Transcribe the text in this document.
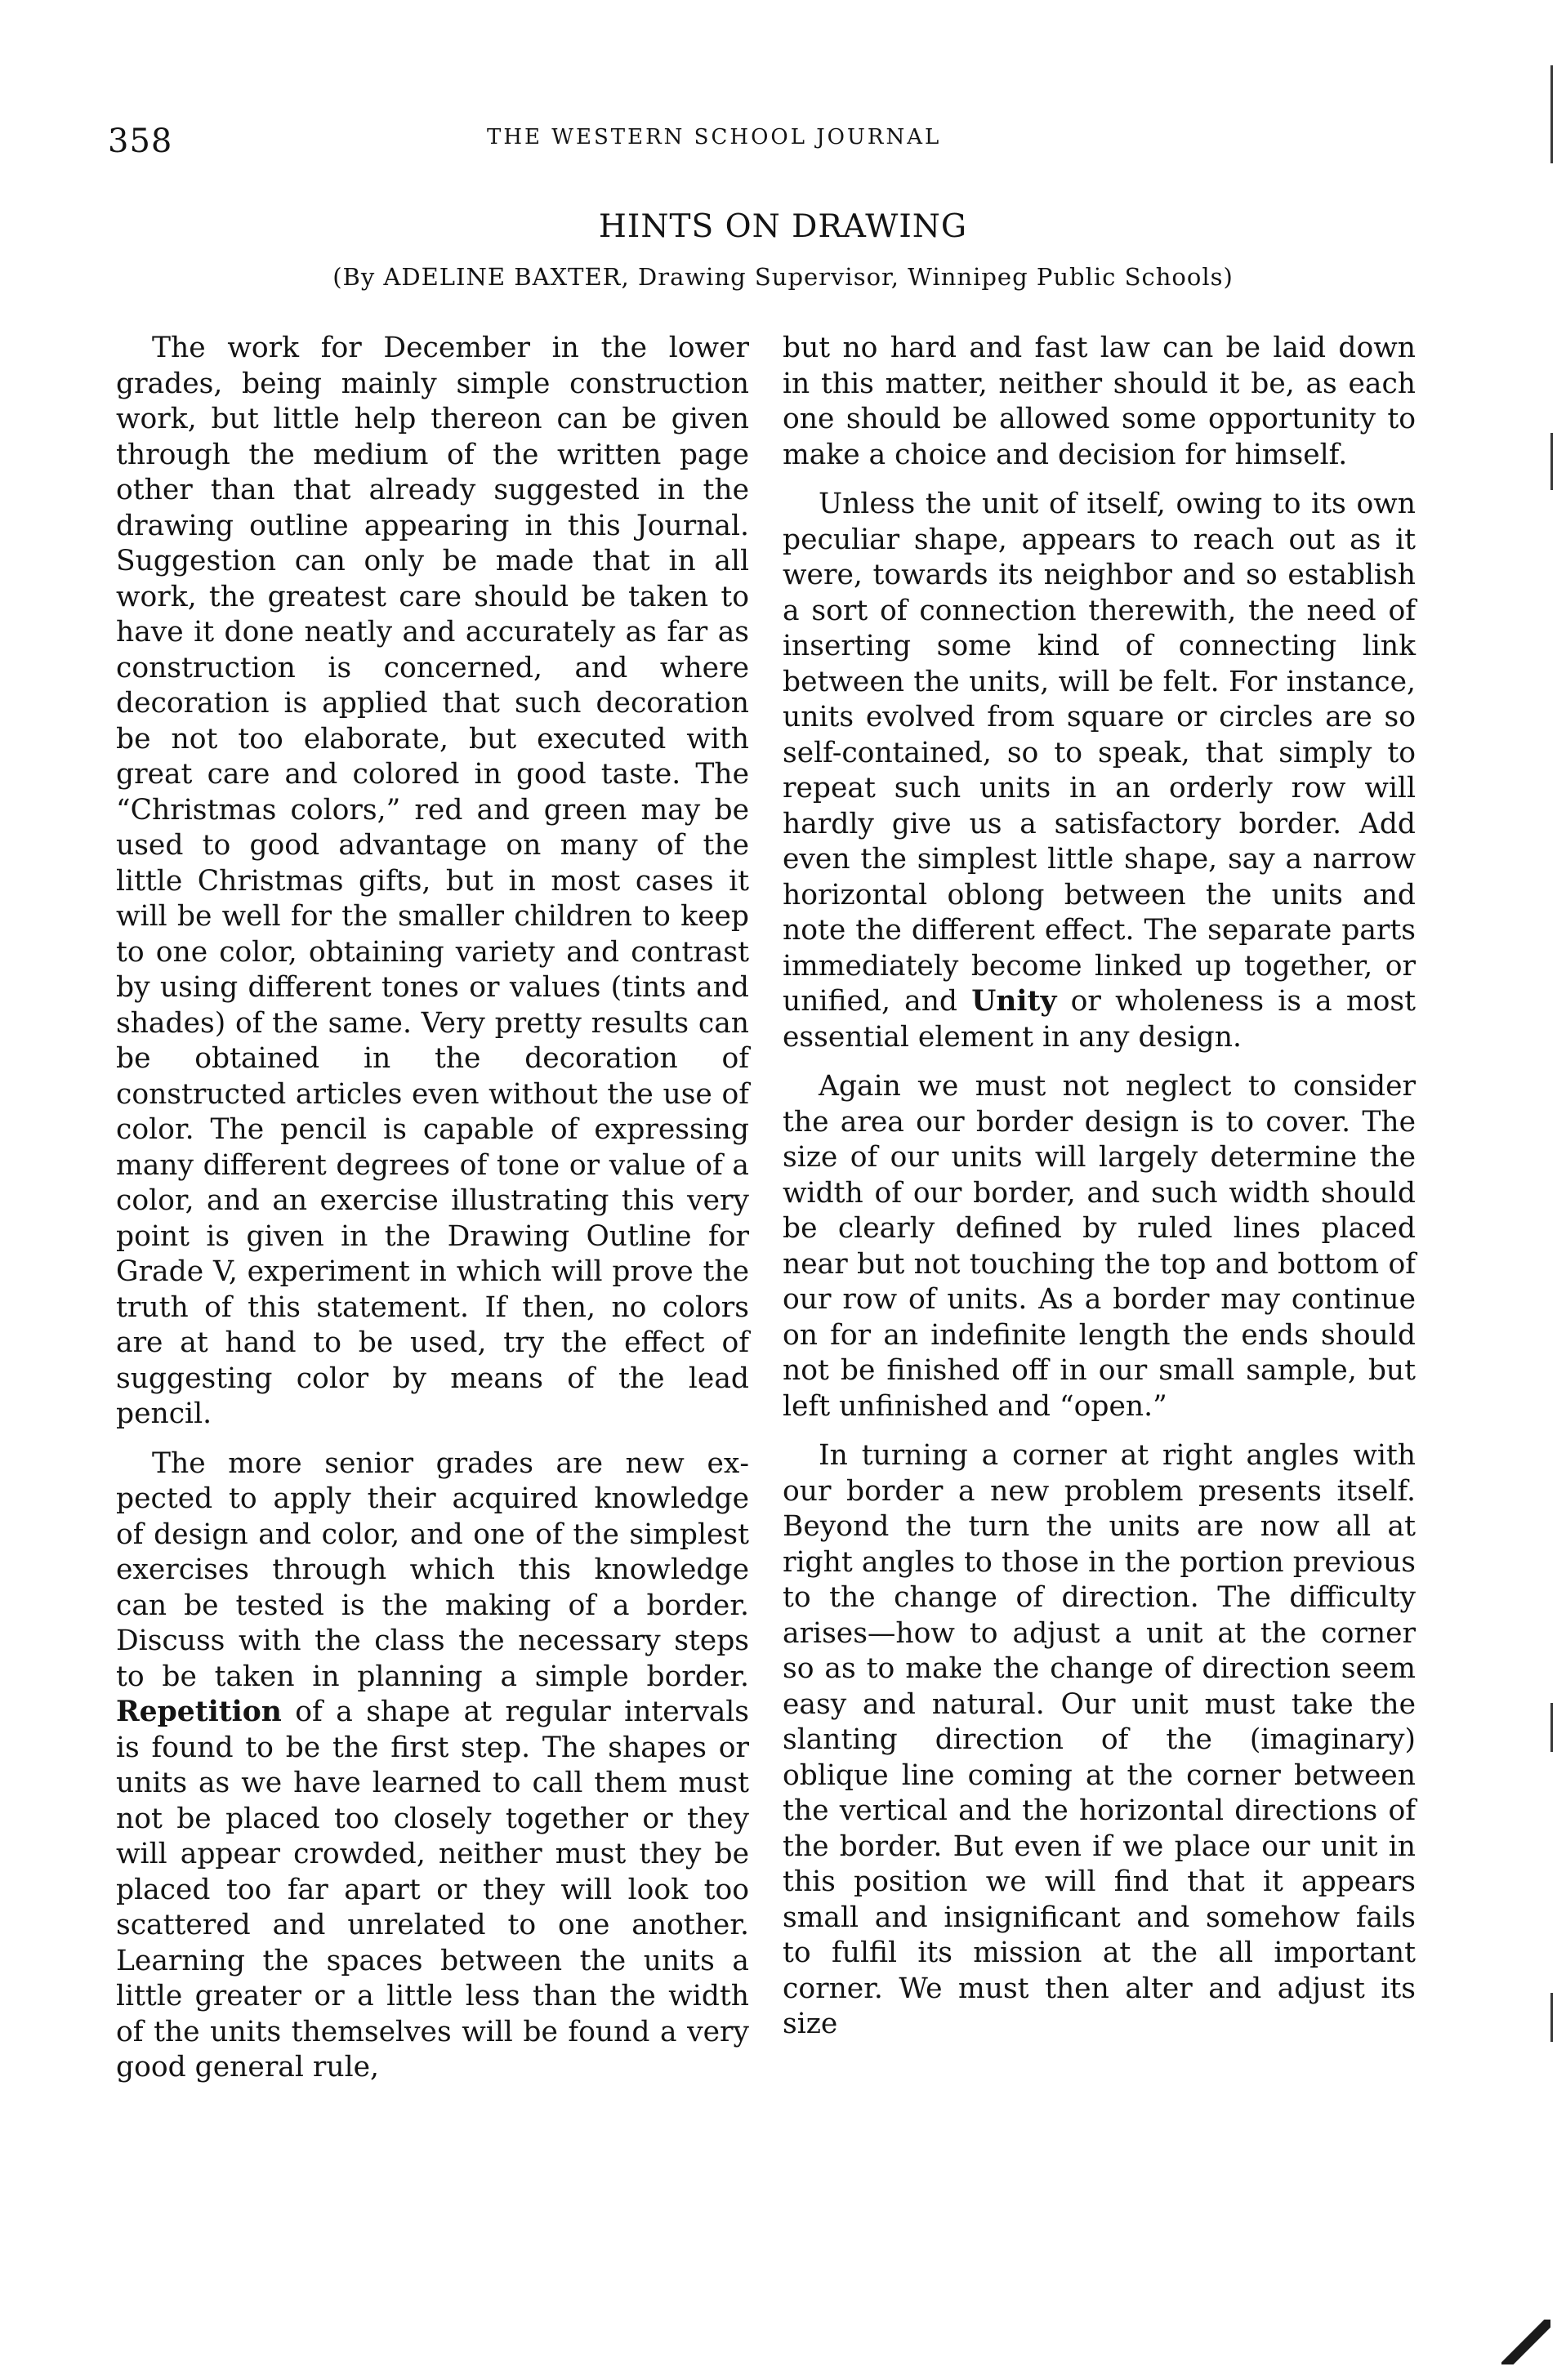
358	THE WESTERN SCHOOL JOURNAL
HINTS ON DRAWING
(By ADELINE BAXTER, Drawing Supervisor, Winnipeg Public Schools)

The work for December in the lower grades, being mainly simple construction work, but little help thereon can be given through the medium of the written page other than that already suggested in the drawing outline appearing in this Journal. Suggestion can only be made that in all work, the greatest care should be taken to have it done neatly and accurately as far as construction is concerned, and where decoration is applied that such decoration be not too elaborate, but executed with great care and colored in good taste. The “Christmas colors,” red and green may be used to good advantage on many of the little Christmas gifts, but in most cases it will be well for the smaller children to keep to one color, obtaining variety and contrast by using different tones or values (tints and shades) of the same. Very pretty results can be obtained in the decoration of constructed articles even without the use of color. The pencil is capable of expressing many different degrees of tone or value of a color, and an exercise illustrating this very point is given in the Drawing Outline for Grade V, experiment in which will prove the truth of this statement. If then, no colors are at hand to be used, try the effect of suggesting color by means of the lead pencil.

The more senior grades are new expected to apply their acquired knowledge of design and color, and one of the simplest exercises through which this knowledge can be tested is the making of a border. Discuss with the class the necessary steps to be taken in planning a simple border. Repetition of a shape at regular intervals is found to be the first step. The shapes or units as we have learned to call them must not be placed too closely together or they will appear crowded, neither must they be placed too far apart or they will look too scattered and unrelated to one another. Learning the spaces between the units a little greater or a little less than the width of the units themselves will be found a very good general rule,

but no hard and fast law can be laid down in this matter, neither should it be, as each one should be allowed some opportunity to make a choice and decision for himself.

Unless the unit of itself, owing to its own peculiar shape, appears to reach out as it were, towards its neighbor and so establish a sort of connection therewith, the need of inserting some kind of connecting link between the units, will be felt. For instance, units evolved from square or circles are so self-contained, so to speak, that simply to repeat such units in an orderly row will hardly give us a satisfactory border. Add even the simplest little shape, say a narrow horizontal oblong between the units and note the different effect. The separate parts immediately become linked up together, or unified, and Unity or wholeness is a most essential element in any design.

Again we must not neglect to consider the area our border design is to cover. The size of our units will largely determine the width of our border, and such width should be clearly defined by ruled lines placed near but not touching the top and bottom of our row of units. As a border may continue on for an indefinite length the ends should not be finished off in our small sample, but left unfinished and “open.”

In turning a corner at right angles with our border a new problem presents itself. Beyond the turn the units are now all at right angles to those in the portion previous to the change of direction. The difficulty arises—how to adjust a unit at the corner so as to make the change of direction seem easy and natural. Our unit must take the slanting direction of the (imaginary) oblique line coming at the corner between the vertical and the horizontal directions of the border. But even if we place our unit in this position we will find that it appears small and insignificant and somehow fails to fulfil its mission at the all important corner. We must then alter and adjust its size
